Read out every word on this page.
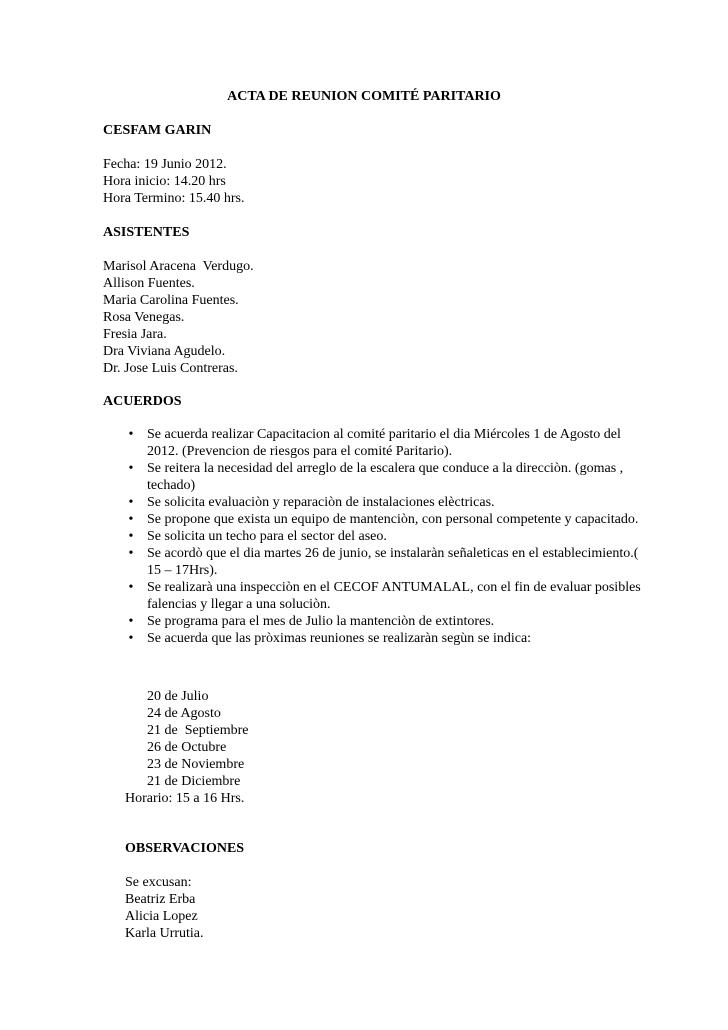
ACTA DE REUNION COMITÉ PARITARIO
CESFAM GARIN
Fecha: 19 Junio 2012.
Hora inicio: 14.20 hrs
Hora Termino: 15.40 hrs.
ASISTENTES
Marisol Aracena  Verdugo.
Allison Fuentes.
Maria Carolina Fuentes.
Rosa Venegas.
Fresia Jara.
Dra Viviana Agudelo.
Dr. Jose Luis Contreras.
ACUERDOS
• Se acuerda realizar Capacitacion al comité paritario el dia Miércoles 1 de Agosto del 2012. (Prevencion de riesgos para el comité Paritario).
• Se reitera la necesidad del arreglo de la escalera que conduce a la direcciòn. (gomas , techado)
• Se solicita evaluaciòn y reparaciòn de instalaciones elèctricas.
• Se propone que exista un equipo de mantenciòn, con personal competente y capacitado.
• Se solicita un techo para el sector del aseo.
• Se acordò que el dia martes 26 de junio, se instalaràn señaleticas en el establecimiento.( 15 – 17Hrs).
• Se realizarà una inspecciòn en el CECOF ANTUMALAL, con el fin de evaluar posibles falencias y llegar a una soluciòn.
• Se programa para el mes de Julio la mantenciòn de extintores.
• Se acuerda que las pròximas reuniones se realizaràn segùn se indica:
20 de Julio
24 de Agosto
21 de  Septiembre
26 de Octubre
23 de Noviembre
21 de Diciembre
Horario: 15 a 16 Hrs.
OBSERVACIONES
Se excusan:
Beatriz Erba
Alicia Lopez
Karla Urrutia.
